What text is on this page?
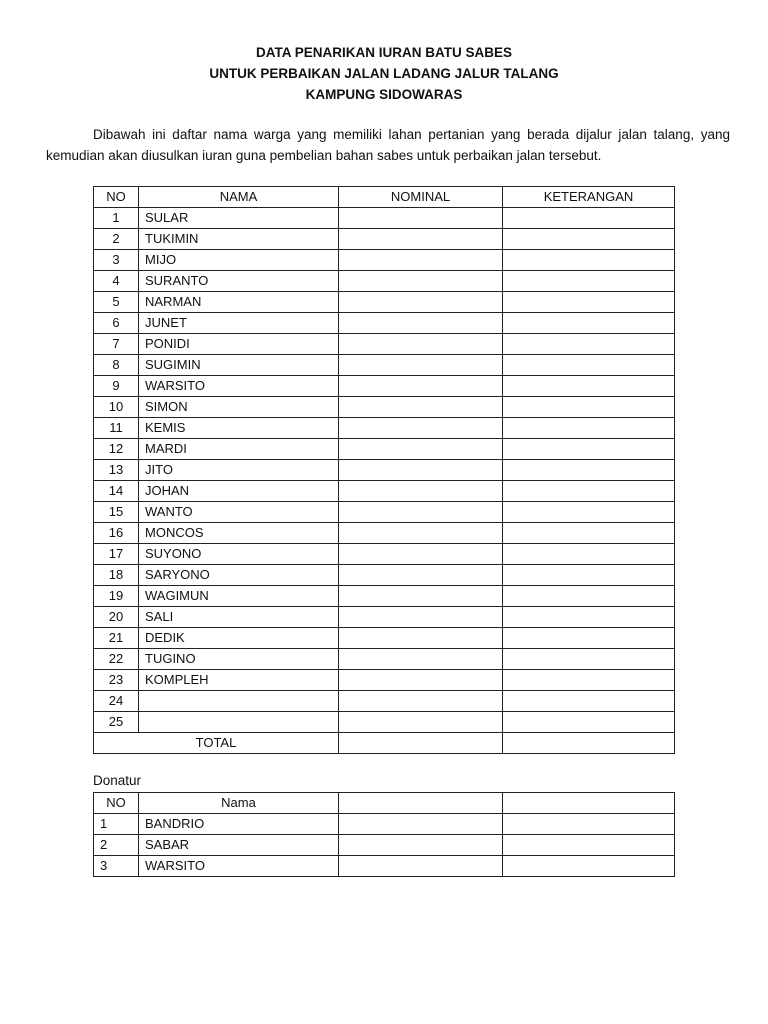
DATA PENARIKAN IURAN BATU SABES
UNTUK PERBAIKAN JALAN LADANG JALUR TALANG
KAMPUNG SIDOWARAS
Dibawah ini daftar nama warga yang memiliki lahan pertanian yang berada dijalur jalan talang, yang kemudian akan diusulkan iuran guna pembelian bahan sabes untuk perbaikan jalan tersebut.
NO	NAMA	NOMINAL	KETERANGAN
1	SULAR		
2	TUKIMIN		
3	MIJO		
4	SURANTO		
5	NARMAN		
6	JUNET		
7	PONIDI		
8	SUGIMIN		
9	WARSITO		
10	SIMON		
11	KEMIS		
12	MARDI		
13	JITO		
14	JOHAN		
15	WANTO		
16	MONCOS		
17	SUYONO		
18	SARYONO		
19	WAGIMUN		
20	SALI		
21	DEDIK		
22	TUGINO		
23	KOMPLEH		
24			
25			
TOTAL			
Donatur
NO	Nama		
1	BANDRIO		
2	SABAR		
3	WARSITO		
